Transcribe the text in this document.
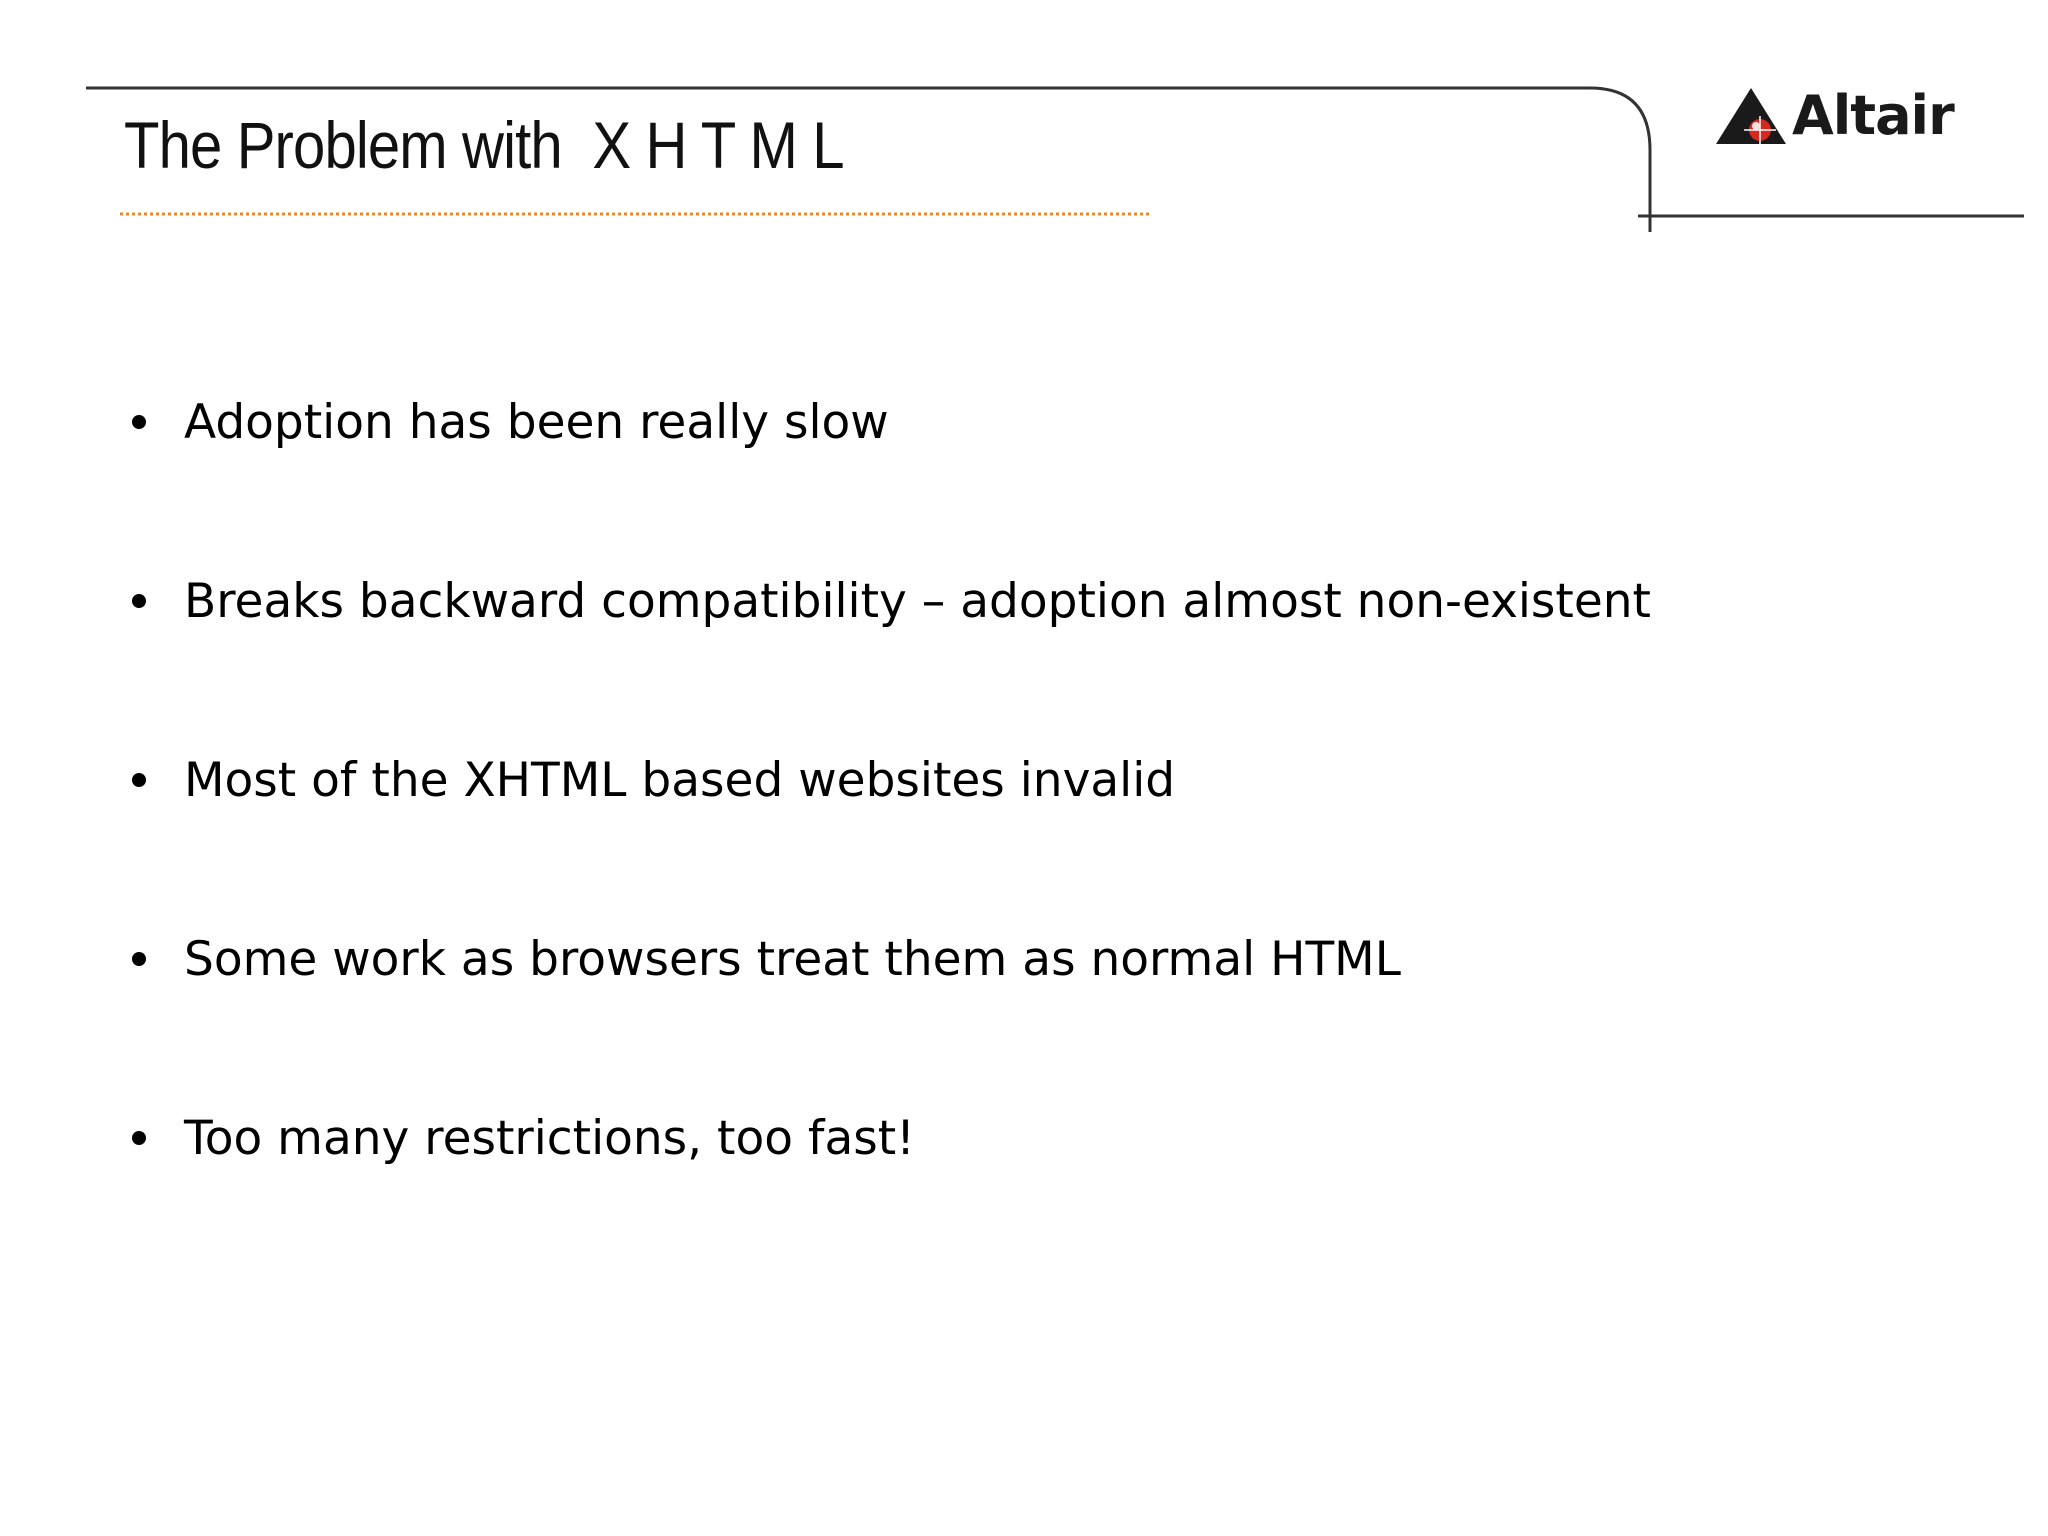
The Problem with  X H T M L	Altair
Adoption has been really slow
Breaks backward compatibility – adoption almost non-existent
Most of the XHTML based websites invalid
Some work as browsers treat them as normal HTML
Too many restrictions, too fast!
